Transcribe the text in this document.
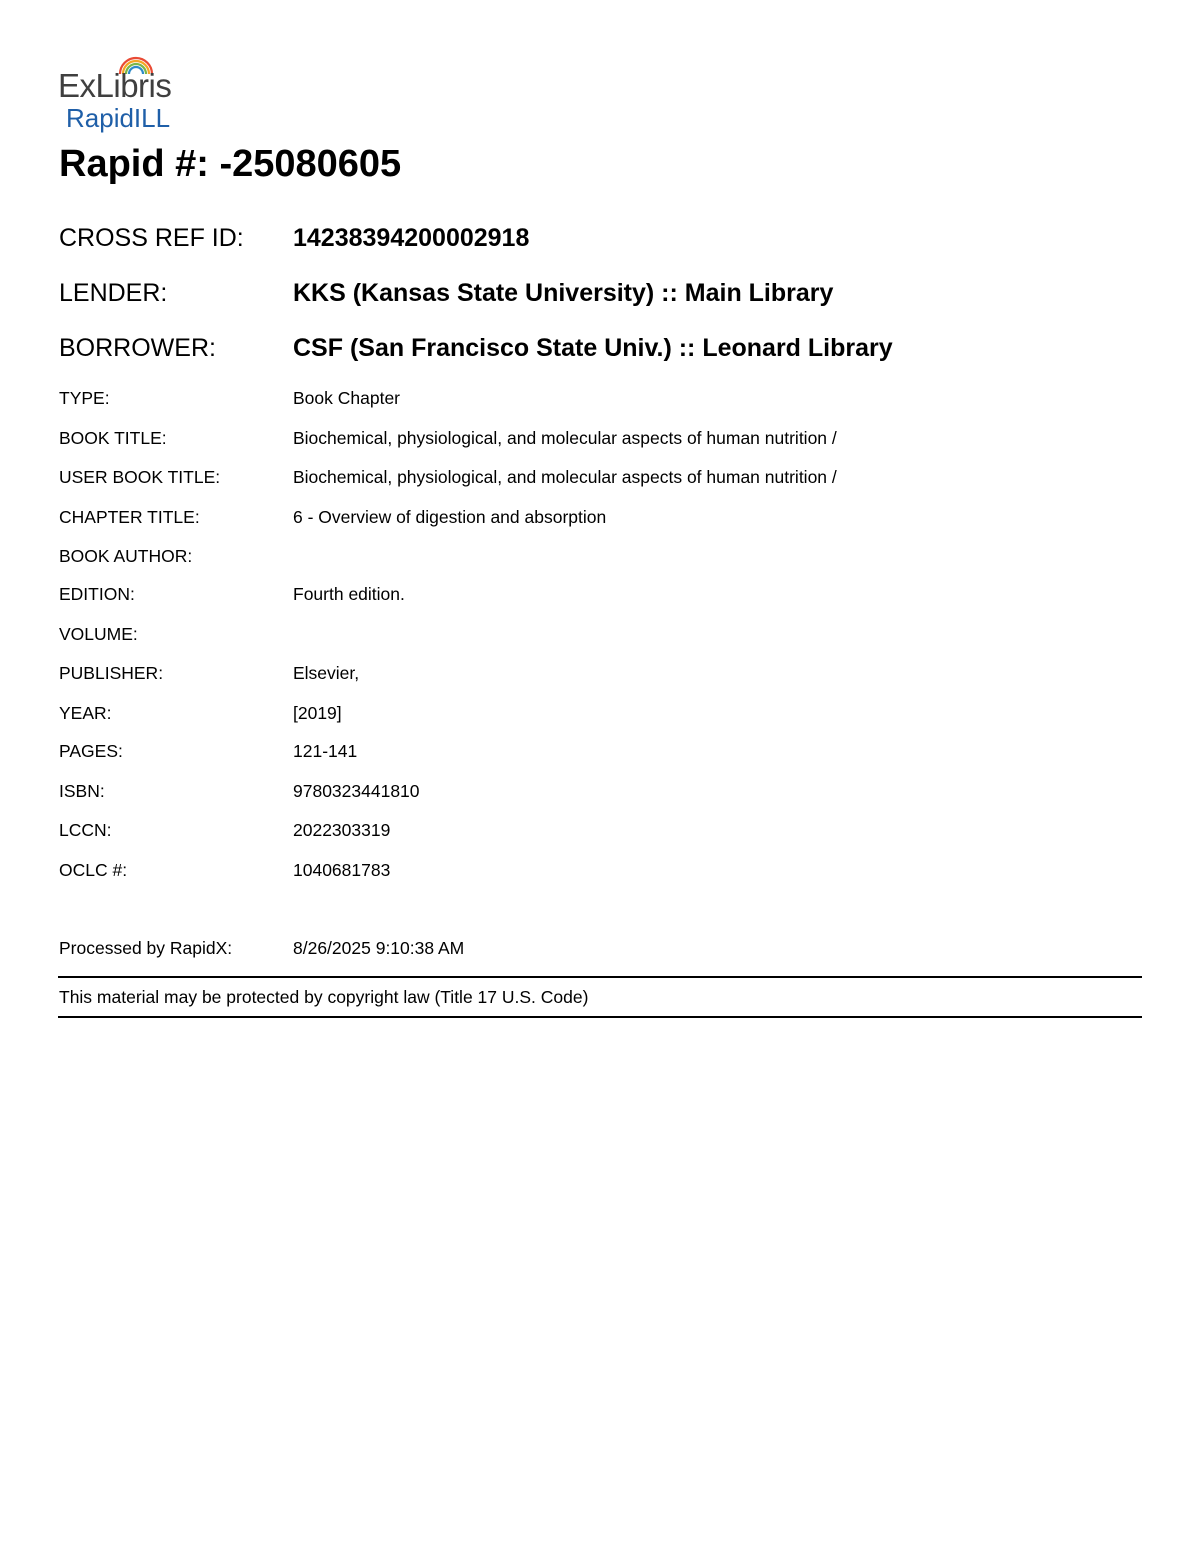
ExLibris
RapidILL
Rapid #: -25080605
CROSS REF ID: 14238394200002918
LENDER:	KKS (Kansas State University) :: Main Library
BORROWER:	CSF (San Francisco State Univ.) :: Leonard Library
TYPE:	Book Chapter
BOOK TITLE:	Biochemical, physiological, and molecular aspects of human nutrition /
USER BOOK TITLE:	Biochemical, physiological, and molecular aspects of human nutrition /
CHAPTER TITLE:	6 - Overview of digestion and absorption
BOOK AUTHOR:
EDITION:	Fourth edition.
VOLUME:
PUBLISHER:	Elsevier,
YEAR:	[2019]
PAGES:	121-141
ISBN:	9780323441810
LCCN:	2022303319
OCLC #:	1040681783
Processed by RapidX:	8/26/2025 9:10:38 AM
This material may be protected by copyright law (Title 17 U.S. Code)
